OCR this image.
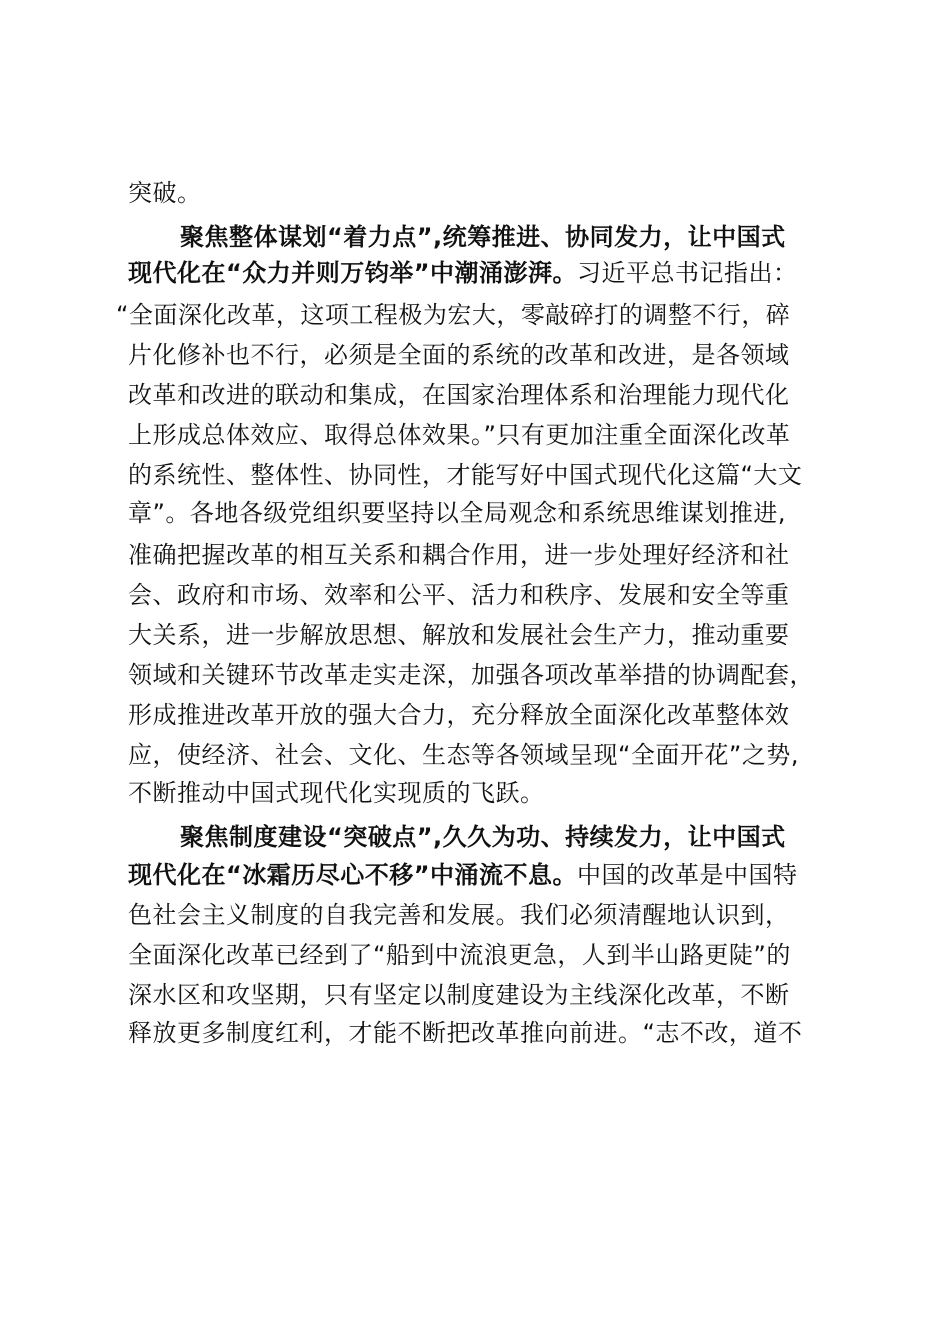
突破。
聚焦整体谋划“着力点”,统筹推进、协同发力，让中国式
现代化在“众力并则万钧举”中潮涌澎湃。习近平总书记指出：
“全面深化改革，这项工程极为宏大，零敲碎打的调整不行，碎
片化修补也不行，必须是全面的系统的改革和改进，是各领域
改革和改进的联动和集成，在国家治理体系和治理能力现代化
上形成总体效应、取得总体效果。”只有更加注重全面深化改革
的系统性、整体性、协同性，才能写好中国式现代化这篇“大文
章”。各地各级党组织要坚持以全局观念和系统思维谋划推进,
准确把握改革的相互关系和耦合作用，进一步处理好经济和社
会、政府和市场、效率和公平、活力和秩序、发展和安全等重
大关系，进一步解放思想、解放和发展社会生产力，推动重要
领域和关键环节改革走实走深，加强各项改革举措的协调配套，
形成推进改革开放的强大合力，充分释放全面深化改革整体效
应，使经济、社会、文化、生态等各领域呈现“全面开花”之势,
不断推动中国式现代化实现质的飞跃。
聚焦制度建设“突破点”,久久为功、持续发力，让中国式
现代化在“冰霜历尽心不移”中涌流不息。中国的改革是中国特
色社会主义制度的自我完善和发展。我们必须清醒地认识到，
全面深化改革已经到了“船到中流浪更急，人到半山路更陡”的
深水区和攻坚期，只有坚定以制度建设为主线深化改革，不断
释放更多制度红利，才能不断把改革推向前进。“志不改，道不
